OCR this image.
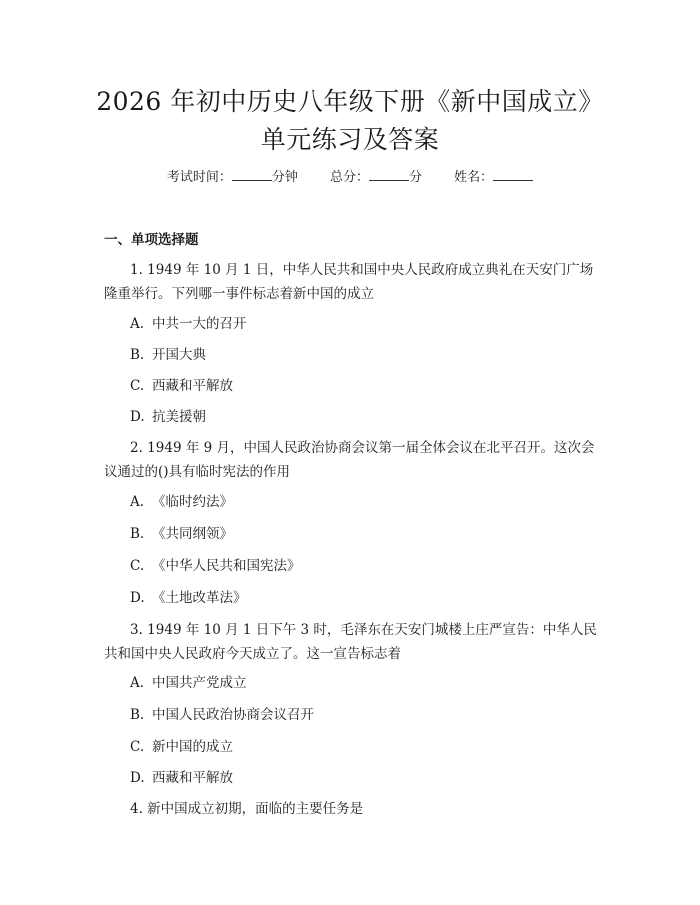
2026 年初中历史八年级下册《新中国成立》
单元练习及答案
考试时间：	分钟 总分：	分 姓名：
一、单项选择题

1. 1949 年 10 月 1 日，中华人民共和国中央人民政府成立典礼在天安门广场隆重举行。下列哪一事件标志着新中国的成立

A. 中共一大的召开
B. 开国大典
C. 西藏和平解放
D. 抗美援朝

2. 1949 年 9 月，中国人民政治协商会议第一届全体会议在北平召开。这次会议通过的()具有临时宪法的作用

A. 《临时约法》
B. 《共同纲领》
C. 《中华人民共和国宪法》
D. 《土地改革法》

3. 1949 年 10 月 1 日下午 3 时，毛泽东在天安门城楼上庄严宣告：中华人民共和国中央人民政府今天成立了。这一宣告标志着

A. 中国共产党成立
B. 中国人民政治协商会议召开
C. 新中国的成立
D. 西藏和平解放

4. 新中国成立初期，面临的主要任务是
